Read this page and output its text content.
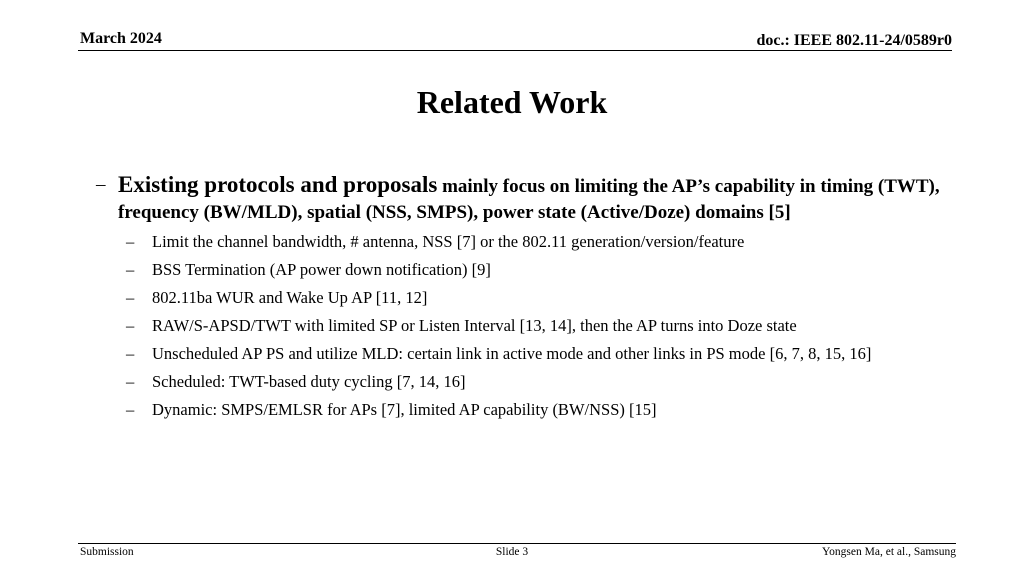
March 2024	doc.: IEEE 802.11-24/0589r0
Related Work
– Existing protocols and proposals mainly focus on limiting the AP’s capability in timing (TWT), frequency (BW/MLD), spatial (NSS, SMPS), power state (Active/Doze) domains [5]
– Limit the channel bandwidth, # antenna, NSS [7] or the 802.11 generation/version/feature
– BSS Termination (AP power down notification) [9]
– 802.11ba WUR and Wake Up AP [11, 12]
– RAW/S-APSD/TWT with limited SP or Listen Interval [13, 14], then the AP turns into Doze state
– Unscheduled AP PS and utilize MLD: certain link in active mode and other links in PS mode [6, 7, 8, 15, 16]
– Scheduled: TWT-based duty cycling [7, 14, 16]
– Dynamic: SMPS/EMLSR for APs [7], limited AP capability (BW/NSS) [15]
Submission	Slide 3	Yongsen Ma, et al., Samsung
